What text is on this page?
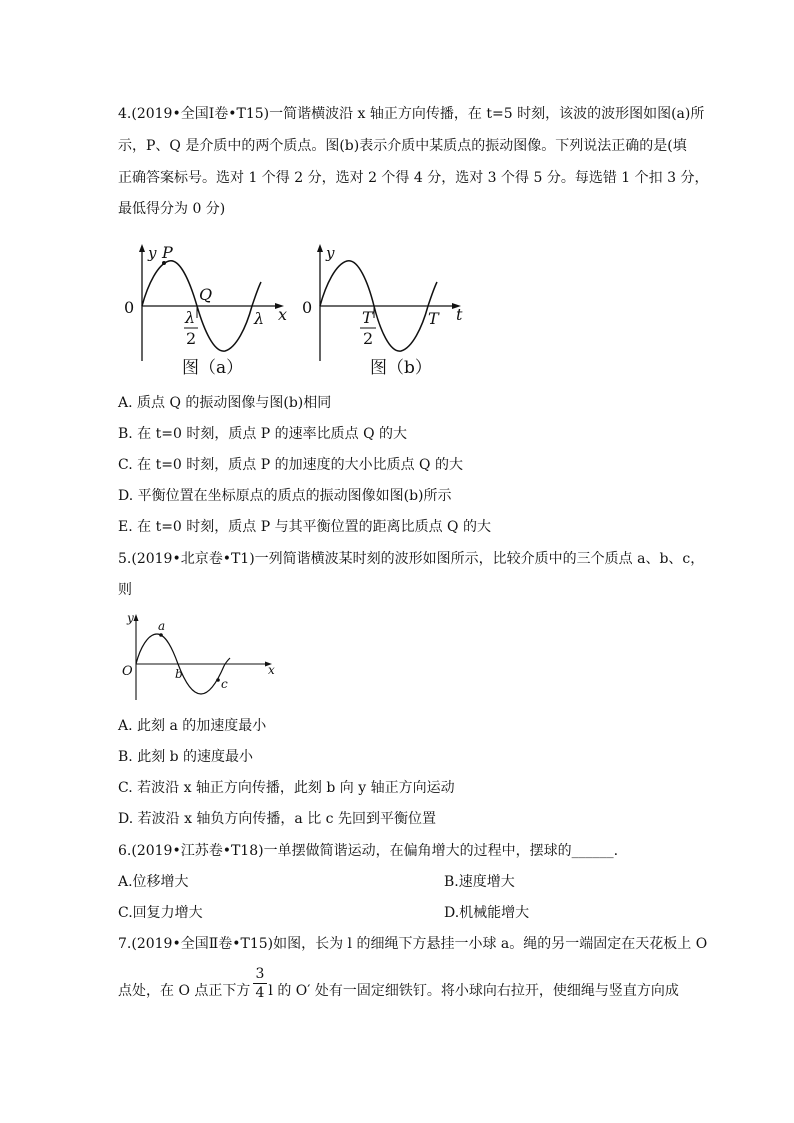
4.(2019•全国Ⅰ卷•T15)一简谐横波沿 x 轴正方向传播，在 t=5 时刻，该波的波形图如图(a)所
示，P、Q 是介质中的两个质点。图(b)表示介质中某质点的振动图像。下列说法正确的是(填
正确答案标号。选对 1 个得 2 分，选对 2 个得 4 分，选对 3 个得 5 分。每选错 1 个扣 3 分，
最低得分为 0 分)
y P
0
Q
λ x
λ
2
图（a）
y
0
T t
T
2
图（b）
A. 质点 Q 的振动图像与图(b)相同
B. 在 t=0 时刻，质点 P 的速率比质点 Q 的大
C. 在 t=0 时刻，质点 P 的加速度的大小比质点 Q 的大
D. 平衡位置在坐标原点的质点的振动图像如图(b)所示
E. 在 t=0 时刻，质点 P 与其平衡位置的距离比质点 Q 的大
5.(2019•北京卷•T1)一列简谐横波某时刻的波形如图所示，比较介质中的三个质点 a、b、c，
则
y
a
O	b
c
x
A. 此刻 a 的加速度最小
B. 此刻 b 的速度最小
C. 若波沿 x 轴正方向传播，此刻 b 向 y 轴正方向运动
D. 若波沿 x 轴负方向传播，a 比 c 先回到平衡位置
6.(2019•江苏卷•T18)一单摆做简谐运动，在偏角增大的过程中，摆球的______.
A.位移增大	B.速度增大
C.回复力增大	D.机械能增大
7.(2019•全国Ⅱ卷•T15)如图，长为 l 的细绳下方悬挂一小球 a。绳的另一端固定在天花板上 O
点处，在 O 点正下方 l 的 O′ 处有一固定细铁钉。将小球向右拉开，使细绳与竖直方向成
3
4
